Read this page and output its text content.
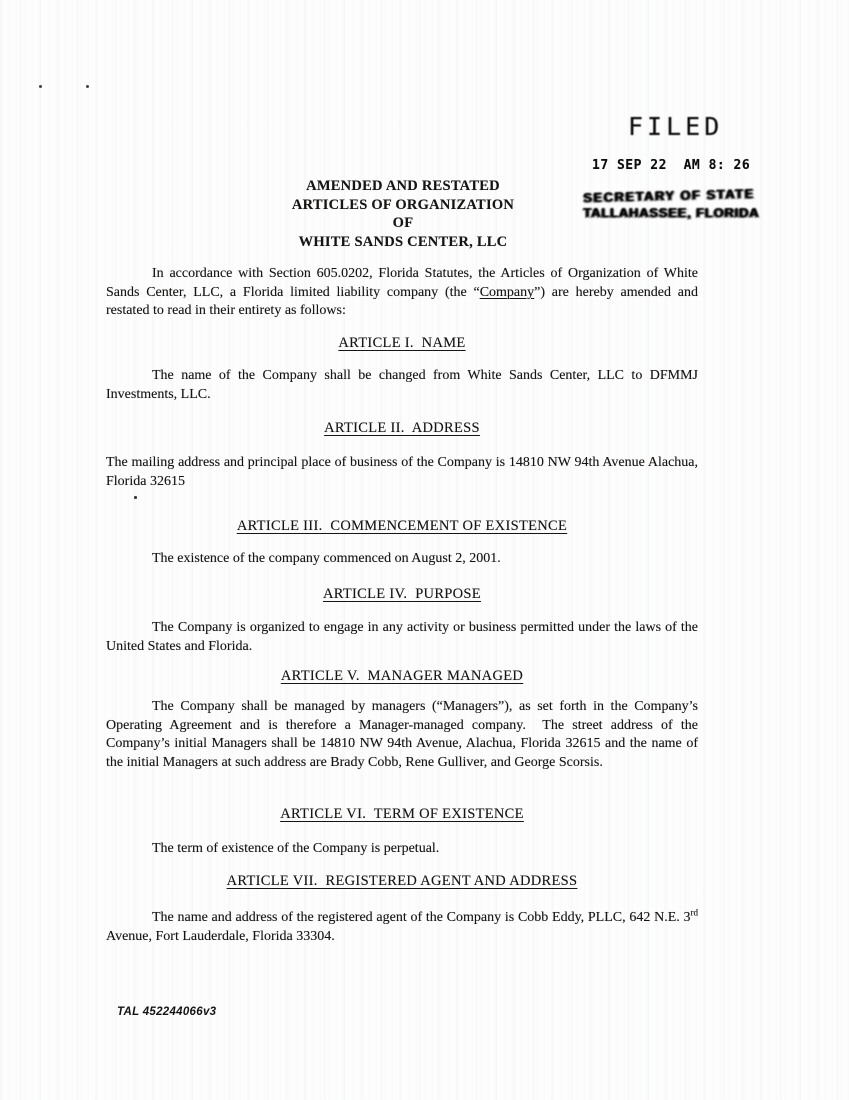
FILED
17 SEP 22  AM 8: 26
SECRETARY OF STATE
TALLAHASSEE, FLORIDA
AMENDED AND RESTATED
ARTICLES OF ORGANIZATION
OF
WHITE SANDS CENTER, LLC

In accordance with Section 605.0202, Florida Statutes, the Articles of Organization of White Sands Center, LLC, a Florida limited liability company (the “Company”) are hereby amended and restated to read in their entirety as follows:

ARTICLE I.  NAME

The name of the Company shall be changed from White Sands Center, LLC to DFMMJ Investments, LLC.

ARTICLE II.  ADDRESS

The mailing address and principal place of business of the Company is 14810 NW 94th Avenue Alachua, Florida 32615

ARTICLE III.  COMMENCEMENT OF EXISTENCE

The existence of the company commenced on August 2, 2001.

ARTICLE IV.  PURPOSE

The Company is organized to engage in any activity or business permitted under the laws of the United States and Florida.

ARTICLE V.  MANAGER MANAGED

The Company shall be managed by managers (“Managers”), as set forth in the Company’s Operating Agreement and is therefore a Manager-managed company.  The street address of the Company’s initial Managers shall be 14810 NW 94th Avenue, Alachua, Florida 32615 and the name of the initial Managers at such address are Brady Cobb, Rene Gulliver, and George Scorsis.

ARTICLE VI.  TERM OF EXISTENCE

The term of existence of the Company is perpetual.

ARTICLE VII.  REGISTERED AGENT AND ADDRESS

The name and address of the registered agent of the Company is Cobb Eddy, PLLC, 642 N.E. 3rd Avenue, Fort Lauderdale, Florida 33304.

TAL 452244066v3
